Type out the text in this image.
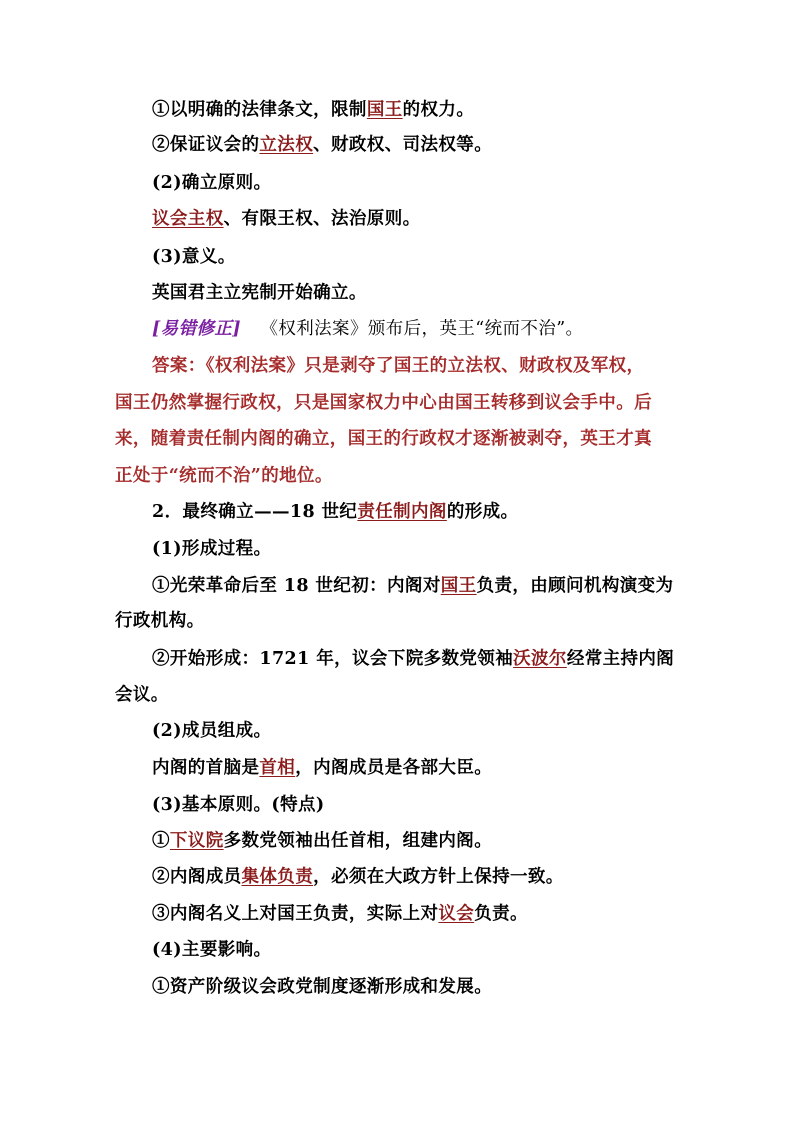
①以明确的法律条文，限制国王的权力。
②保证议会的立法权、财政权、司法权等。
(2)确立原则。
议会主权、有限王权、法治原则。
(3)意义。
英国君主立宪制开始确立。
[易错修正] 《权利法案》颁布后，英王“统而不治”。
答案：《权利法案》只是剥夺了国王的立法权、财政权及军权，
国王仍然掌握行政权，只是国家权力中心由国王转移到议会手中。后
来，随着责任制内阁的确立，国王的行政权才逐渐被剥夺，英王才真
正处于“统而不治”的地位。
2．最终确立——18 世纪责任制内阁的形成。
(1)形成过程。
①光荣革命后至 18 世纪初：内阁对国王负责，由顾问机构演变为
行政机构。
②开始形成：1721 年，议会下院多数党领袖沃波尔经常主持内阁
会议。
(2)成员组成。
内阁的首脑是首相，内阁成员是各部大臣。
(3)基本原则。(特点)
①下议院多数党领袖出任首相，组建内阁。
②内阁成员集体负责，必须在大政方针上保持一致。
③内阁名义上对国王负责，实际上对议会负责。
(4)主要影响。
①资产阶级议会政党制度逐渐形成和发展。
